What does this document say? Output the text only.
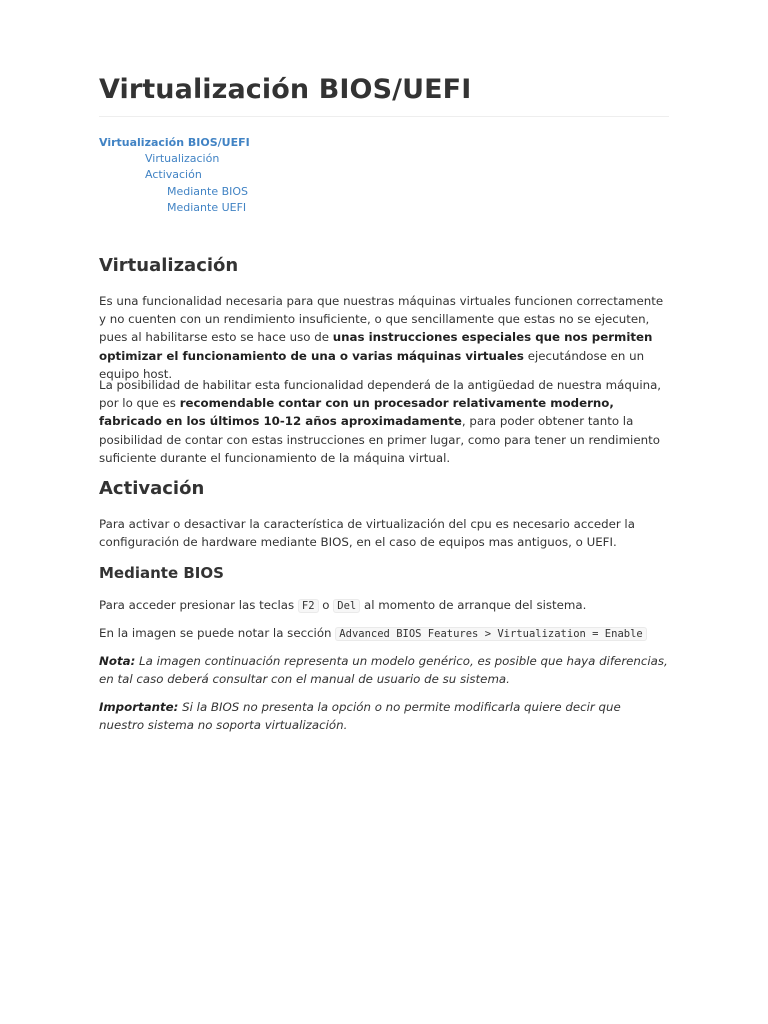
Virtualización BIOS/UEFI
Virtualización BIOS/UEFI
Virtualización
Activación
Mediante BIOS
Mediante UEFI
Virtualización

Es una funcionalidad necesaria para que nuestras máquinas virtuales funcionen correctamente y no cuenten con un rendimiento insuficiente, o que sencillamente que estas no se ejecuten, pues al habilitarse esto se hace uso de unas instrucciones especiales que nos permiten optimizar el funcionamiento de una o varias máquinas virtuales ejecutándose en un equipo host.

La posibilidad de habilitar esta funcionalidad dependerá de la antigüedad de nuestra máquina, por lo que es recomendable contar con un procesador relativamente moderno, fabricado en los últimos 10-12 años aproximadamente, para poder obtener tanto la posibilidad de contar con estas instrucciones en primer lugar, como para tener un rendimiento suficiente durante el funcionamiento de la máquina virtual.

Activación

Para activar o desactivar la característica de virtualización del cpu es necesario acceder la configuración de hardware mediante BIOS, en el caso de equipos mas antiguos, o UEFI.

Mediante BIOS

Para acceder presionar las teclas F2 o Del al momento de arranque del sistema.

En la imagen se puede notar la sección Advanced BIOS Features > Virtualization = Enable

Nota: La imagen continuación representa un modelo genérico, es posible que haya diferencias, en tal caso deberá consultar con el manual de usuario de su sistema.

Importante: Si la BIOS no presenta la opción o no permite modificarla quiere decir que nuestro sistema no soporta virtualización.
